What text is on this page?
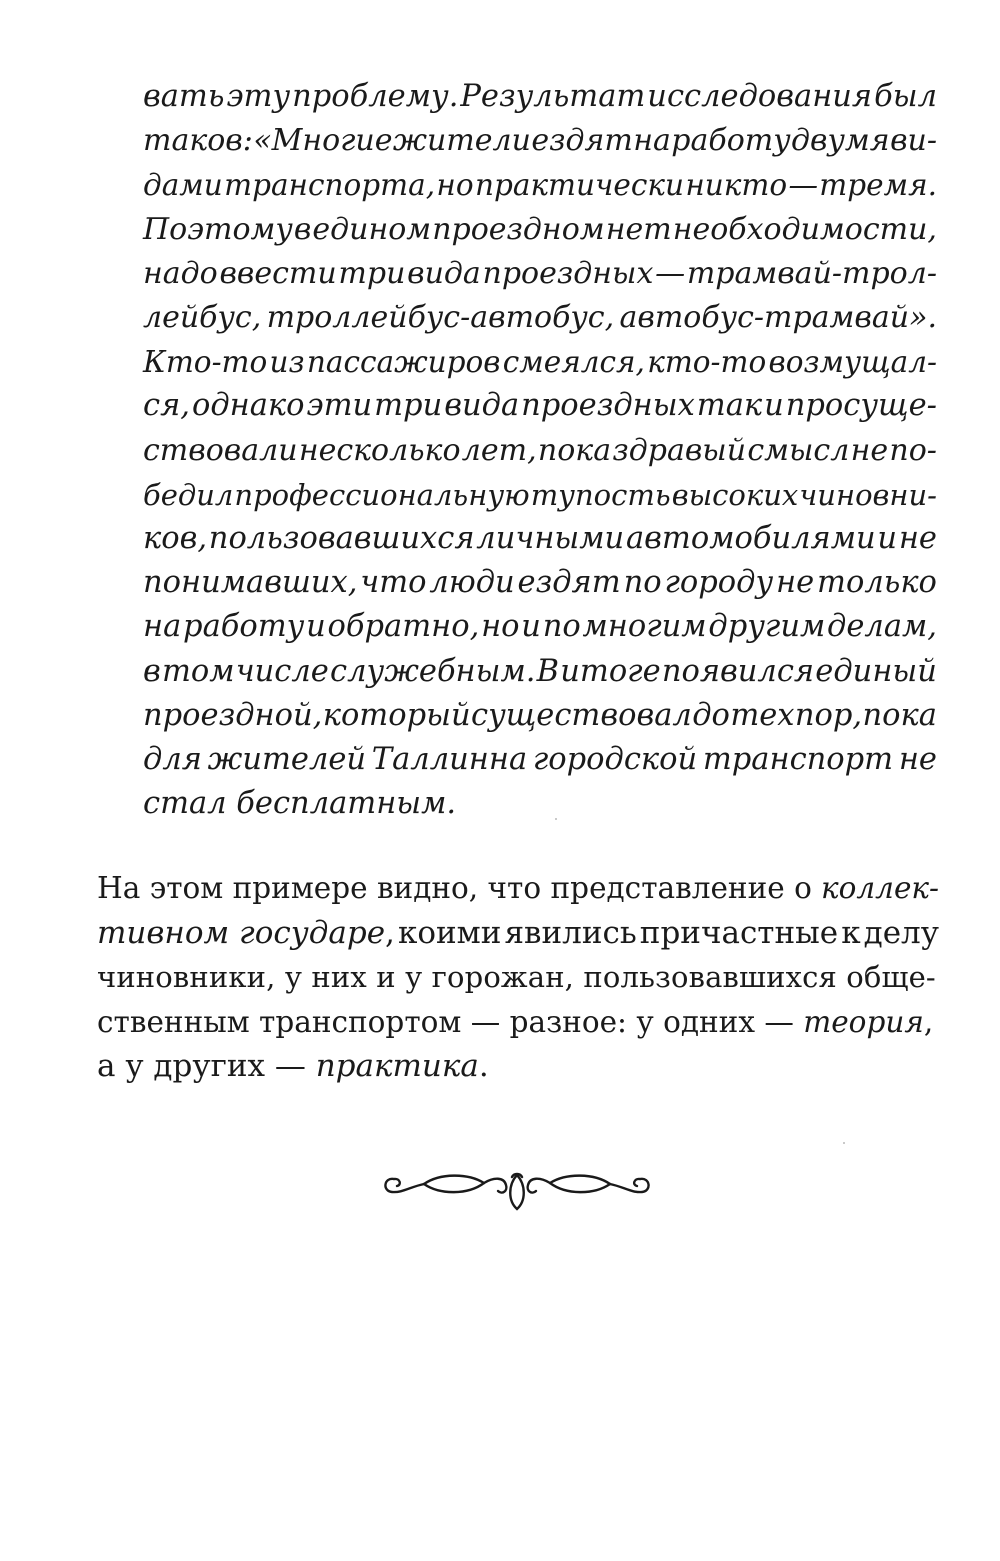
вать эту проблему. Результат исследования был
таков: «Многие жители ездят на работу двумя ви-
дами транспорта, но практически никто — тремя.
Поэтому в едином проездном нет необходимости,
надо ввести три вида проездных — трамвай-трол-
лейбус, троллейбус-автобус, автобус-трамвай».
Кто-то из пассажиров смеялся, кто-то возмущал-
ся, однако эти три вида проездных так и просуще-
ствовали несколько лет, пока здравый смысл не по-
бедил профессиональную тупость высоких чиновни-
ков, пользовавшихся личными автомобилями и не
понимавших, что люди ездят по городу не только
на работу и обратно, но и по многим другим делам,
в том числе служебным. В итоге появился единый
проездной, который существовал до тех пор, пока
для жителей Таллинна городской транспорт не
стал бесплатным.
На этом примере видно, что представление о коллек-
тивном государе , коими явились причастные к делу
чиновники, у них и у горожан, пользовавшихся обще-
ственным транспортом — разное: у одних — теория,
а у других — практика.
